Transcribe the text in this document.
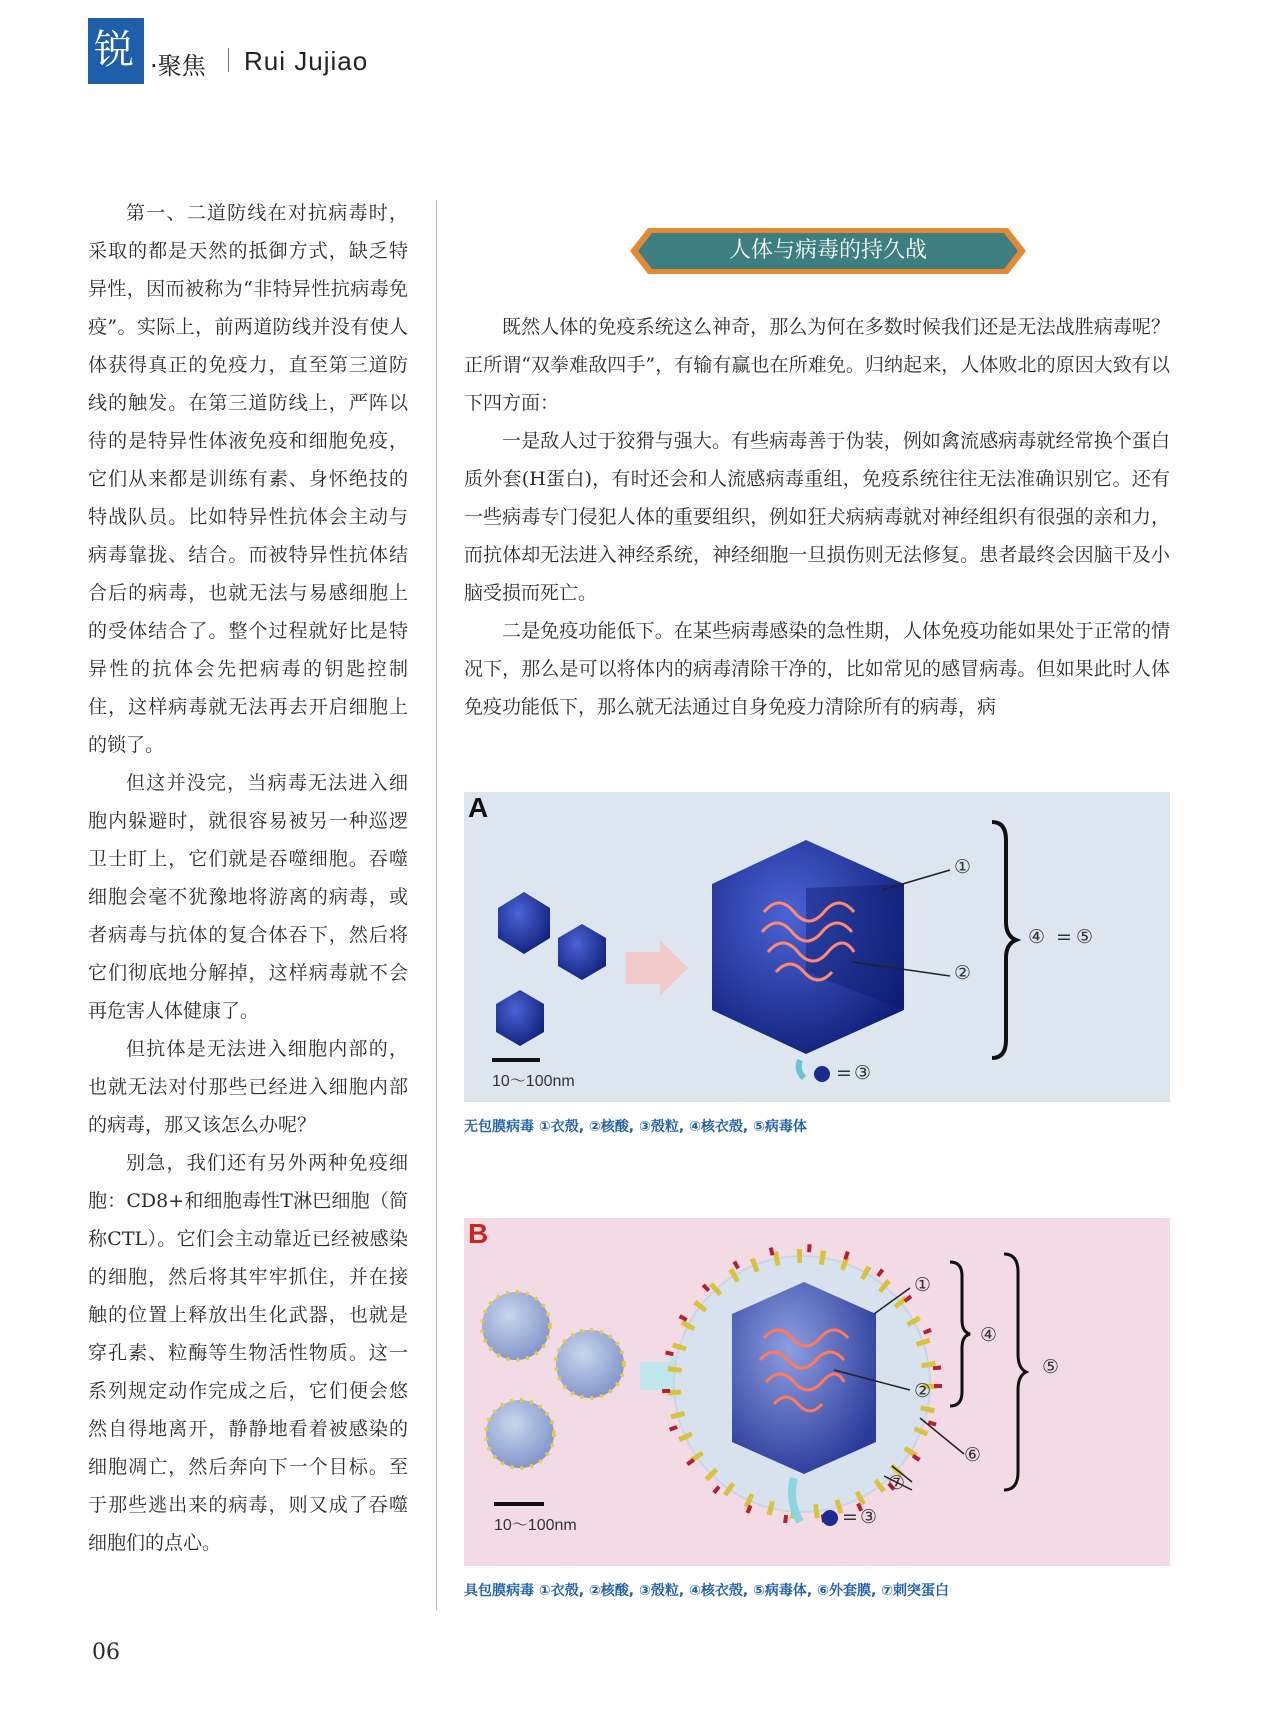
锐 ·聚焦 Rui Jujiao

第一、二道防线在对抗病毒时，采取的都是天然的抵御方式，缺乏特异性，因而被称为“非特异性抗病毒免疫”。实际上，前两道防线并没有使人体获得真正的免疫力，直至第三道防线的触发。在第三道防线上，严阵以待的是特异性体液免疫和细胞免疫，它们从来都是训练有素、身怀绝技的特战队员。比如特异性抗体会主动与病毒靠拢、结合。而被特异性抗体结合后的病毒，也就无法与易感细胞上的受体结合了。整个过程就好比是特异性的抗体会先把病毒的钥匙控制住，这样病毒就无法再去开启细胞上的锁了。

但这并没完，当病毒无法进入细胞内躲避时，就很容易被另一种巡逻卫士盯上，它们就是吞噬细胞。吞噬细胞会毫不犹豫地将游离的病毒，或者病毒与抗体的复合体吞下，然后将它们彻底地分解掉，这样病毒就不会再危害人体健康了。

但抗体是无法进入细胞内部的，也就无法对付那些已经进入细胞内部的病毒，那又该怎么办呢？

别急，我们还有另外两种免疫细胞：CD8+和细胞毒性T淋巴细胞（简称CTL）。它们会主动靠近已经被感染的细胞，然后将其牢牢抓住，并在接触的位置上释放出生化武器，也就是穿孔素、粒酶等生物活性物质。这一系列规定动作完成之后，它们便会悠然自得地离开，静静地看着被感染的细胞凋亡，然后奔向下一个目标。至于那些逃出来的病毒，则又成了吞噬细胞们的点心。

人体与病毒的持久战

既然人体的免疫系统这么神奇，那么为何在多数时候我们还是无法战胜病毒呢？正所谓“双拳难敌四手”，有输有赢也在所难免。归纳起来，人体败北的原因大致有以下四方面：

一是敌人过于狡猾与强大。有些病毒善于伪装，例如禽流感病毒就经常换个蛋白质外套(H蛋白)，有时还会和人流感病毒重组，免疫系统往往无法准确识别它。还有一些病毒专门侵犯人体的重要组织，例如狂犬病病毒就对神经组织有很强的亲和力，而抗体却无法进入神经系统，神经细胞一旦损伤则无法修复。患者最终会因脑干及小脑受损而死亡。

二是免疫功能低下。在某些病毒感染的急性期，人体免疫功能如果处于正常的情况下，那么是可以将体内的病毒清除干净的，比如常见的感冒病毒。但如果此时人体免疫功能低下，那么就无法通过自身免疫力清除所有的病毒，病

A
①
②
④ = ⑤
= ③
10～100nm
无包膜病毒 ①衣殻, ②核酸, ③殻粒, ④核衣殻, ⑤病毒体
B
①
②
④
⑤
⑥
⑦
= ③
10～100nm
具包膜病毒 ①衣殻, ②核酸, ③殻粒, ④核衣殻, ⑤病毒体, ⑥外套膜, ⑦刺突蛋白
06
